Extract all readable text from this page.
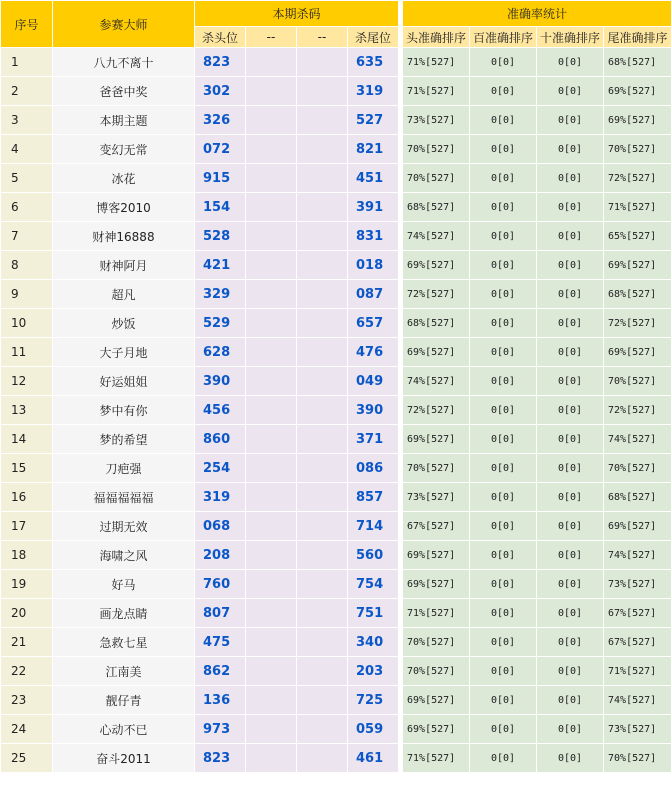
序号	参赛大师	本期杀码					准确率统计			
		杀头位	--	--	杀尾位		头准确排序	百准确排序	十准确排序	尾准确排序
1	八九不离十	823			635		71%[527]	0[0]	0[0]	68%[527]
2	爸爸中奖	302			319		71%[527]	0[0]	0[0]	69%[527]
3	本期主题	326			527		73%[527]	0[0]	0[0]	69%[527]
4	变幻无常	072			821		70%[527]	0[0]	0[0]	70%[527]
5	冰花	915			451		70%[527]	0[0]	0[0]	72%[527]
6	博客2010	154			391		68%[527]	0[0]	0[0]	71%[527]
7	财神16888	528			831		74%[527]	0[0]	0[0]	65%[527]
8	财神阿月	421			018		69%[527]	0[0]	0[0]	69%[527]
9	超凡	329			087		72%[527]	0[0]	0[0]	68%[527]
10	炒饭	529			657		68%[527]	0[0]	0[0]	72%[527]
11	大子月地	628			476		69%[527]	0[0]	0[0]	69%[527]
12	好运姐姐	390			049		74%[527]	0[0]	0[0]	70%[527]
13	梦中有你	456			390		72%[527]	0[0]	0[0]	72%[527]
14	梦的希望	860			371		69%[527]	0[0]	0[0]	74%[527]
15	刀疤强	254			086		70%[527]	0[0]	0[0]	70%[527]
16	福福福福福	319			857		73%[527]	0[0]	0[0]	68%[527]
17	过期无效	068			714		67%[527]	0[0]	0[0]	69%[527]
18	海啸之风	208			560		69%[527]	0[0]	0[0]	74%[527]
19	好马	760			754		69%[527]	0[0]	0[0]	73%[527]
20	画龙点睛	807			751		71%[527]	0[0]	0[0]	67%[527]
21	急救七星	475			340		70%[527]	0[0]	0[0]	67%[527]
22	江南美	862			203		70%[527]	0[0]	0[0]	71%[527]
23	靓仔青	136			725		69%[527]	0[0]	0[0]	74%[527]
24	心动不已	973			059		69%[527]	0[0]	0[0]	73%[527]
25	奋斗2011	823			461		71%[527]	0[0]	0[0]	70%[527]
